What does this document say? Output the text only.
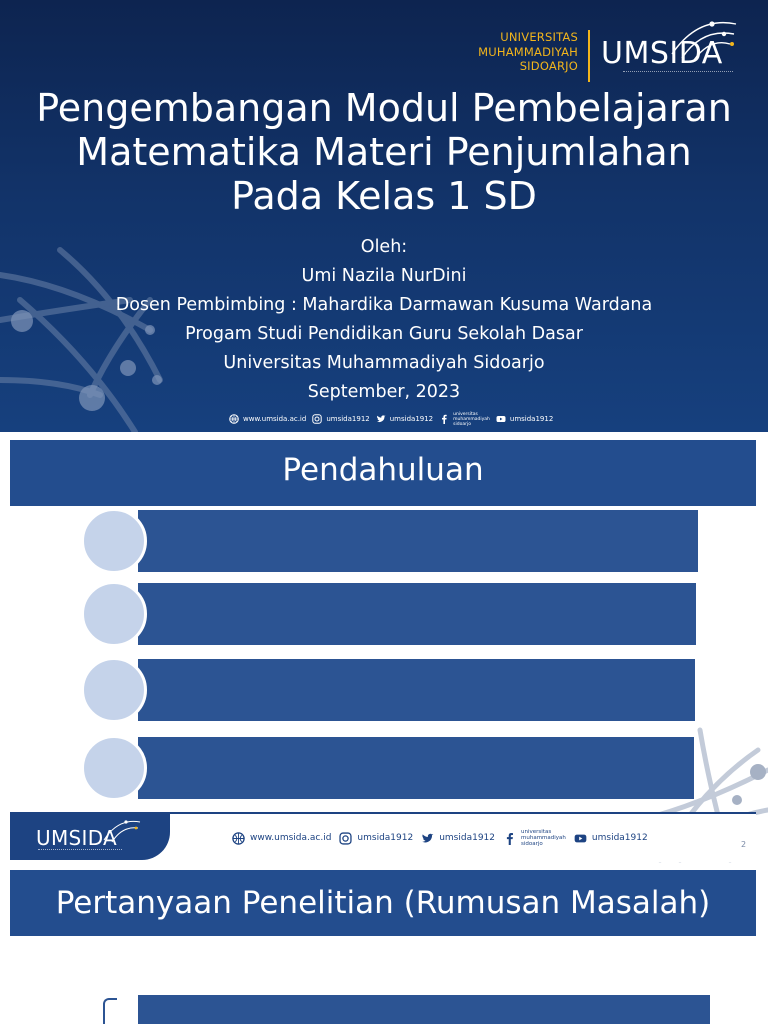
UNIVERSITAS
MUHAMMADIYAH
SIDOARJO UMSIDA
Pengembangan Modul Pembelajaran
Matematika Materi Penjumlahan
Pada Kelas 1 SD
Oleh:
Umi Nazila NurDini
Dosen Pembimbing : Mahardika Darmawan Kusuma Wardana
Progam Studi Pendidikan Guru Sekolah Dasar
Universitas Muhammadiyah Sidoarjo
September, 2023
www.umsida.ac.id	umsida1912	umsida1912
universitas
muhammadiyah
sidoarjo
umsida1912
Pendahuluan
UMSIDA	www.umsida.ac.id	umsida1912	umsida1912
universitas
muhammadiyah
sidoarjo
umsida1912
2
Pertanyaan Penelitian (Rumusan Masalah)
